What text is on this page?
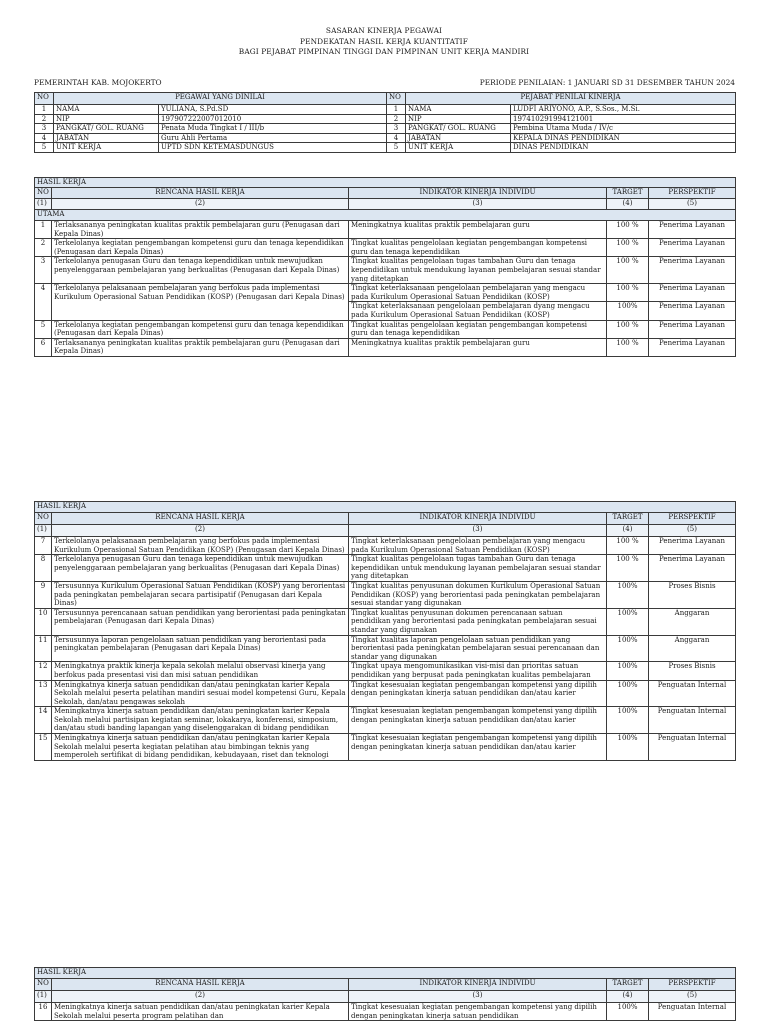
SASARAN KINERJA PEGAWAI
PENDEKATAN HASIL KERJA KUANTITATIF
BAGI PEJABAT PIMPINAN TINGGI DAN PIMPINAN UNIT KERJA MANDIRI
PEMERINTAH KAB. MOJOKERTO	PERIODE PENILAIAN: 1 JANUARI SD 31 DESEMBER TAHUN 2024
NO	PEGAWAI YANG DINILAI		NO	PEJABAT PENILAI KINERJA	
1	NAMA	YULIANA, S.Pd.SD	1	NAMA	LUDFI ARIYONO, A.P., S.Sos., M.Si.
2	NIP	197907222007012010	2	NIP	197410291994121001
3	PANGKAT/ GOL. RUANG	Penata Muda Tingkat I / III/b	3	PANGKAT/ GOL. RUANG	Pembina Utama Muda / IV/c
4	JABATAN	Guru Ahli Pertama	4	JABATAN	KEPALA DINAS PENDIDIKAN
5	UNIT KERJA	UPTD SDN KETEMASDUNGUS	5	UNIT KERJA	DINAS PENDIDIKAN
HASIL KERJA				
NO	RENCANA HASIL KERJA	INDIKATOR KINERJA INDIVIDU	TARGET	PERSPEKTIF
(1)	(2)	(3)	(4)	(5)
UTAMA				
1	Terlaksananya peningkatan kualitas praktik pembelajaran guru (Penugasan dari Kepala Dinas)	Meningkatnya kualitas praktik pembelajaran guru	100 %	Penerima Layanan
2	Terkelolanya kegiatan pengembangan kompetensi guru dan tenaga kependidikan (Penugasan dari Kepala Dinas)	Tingkat kualitas pengelolaan kegiatan pengembangan kompetensi guru dan tenaga kependidikan	100 %	Penerima Layanan
3	Terkelolanya penugasan Guru dan tenaga kependidikan untuk mewujudkan penyelenggaraan pembelajaran yang berkualitas (Penugasan dari Kepala Dinas)	Tingkat kualitas pengelolaan tugas tambahan Guru dan tenaga kependidikan untuk mendukung layanan pembelajaran sesuai standar yang ditetapkan	100 %	Penerima Layanan
4	Terkelolanya pelaksanaan pembelajaran yang berfokus pada implementasi Kurikulum Operasional Satuan Pendidikan (KOSP) (Penugasan dari Kepala Dinas)	Tingkat keterlaksanaan pengelolaan pembelajaran yang mengacu pada Kurikulum Operasional Satuan Pendidikan (KOSP)	100 %	Penerima Layanan
		Tingkat keterlaksanaan pengelolaan pembelajaran dyang mengacu pada Kurikulum Operasional Satuan Pendidikan (KOSP)	100%	Penerima Layanan
5	Terkelolanya kegiatan pengembangan kompetensi guru dan tenaga kependidikan (Penugasan dari Kepala Dinas)	Tingkat kualitas pengelolaan kegiatan pengembangan kompetensi guru dan tenaga kependidikan	100 %	Penerima Layanan
6	Terlaksananya peningkatan kualitas praktik pembelajaran guru (Penugasan dari Kepala Dinas)	Meningkatnya kualitas praktik pembelajaran guru	100 %	Penerima Layanan
HASIL KERJA				
NO	RENCANA HASIL KERJA	INDIKATOR KINERJA INDIVIDU	TARGET	PERSPEKTIF
(1)	(2)	(3)	(4)	(5)
7	Terkelolanya pelaksanaan pembelajaran yang berfokus pada implementasi Kurikulum Operasional Satuan Pendidikan (KOSP) (Penugasan dari Kepala Dinas)	Tingkat keterlaksanaan pengelolaan pembelajaran yang mengacu pada Kurikulum Operasional Satuan Pendidikan (KOSP)	100 %	Penerima Layanan
8	Terkelolanya penugasan Guru dan tenaga kependidikan untuk mewujudkan penyelenggaraan pembelajaran yang berkualitas (Penugasan dari Kepala Dinas)	Tingkat kualitas pengelolaan tugas tambahan Guru dan tenaga kependidikan untuk mendukung layanan pembelajaran sesuai standar yang ditetapkan	100 %	Penerima Layanan
9	Tersusunnya Kurikulum Operasional Satuan Pendidikan (KOSP) yang berorientasi pada peningkatan pembelajaran secara partisipatif (Penugasan dari Kepala Dinas)	Tingkat kualitas penyusunan dokumen Kurikulum Operasional Satuan Pendidikan (KOSP) yang berorientasi pada peningkatan pembelajaran sesuai standar yang digunakan	100%	Proses Bisnis
10	Tersusunnya perencanaan satuan pendidikan yang berorientasi pada peningkatan pembelajaran (Penugasan dari Kepala Dinas)	Tingkat kualitas penyusunan dokumen perencanaan satuan pendidikan yang berorientasi pada peningkatan pembelajaran sesuai standar yang digunakan	100%	Anggaran
11	Tersusunnya laporan pengelolaan satuan pendidikan yang berorientasi pada peningkatan pembelajaran (Penugasan dari Kepala Dinas)	Tingkat kualitas laporan pengelolaan satuan pendidikan yang berorientasi pada peningkatan pembelajaran sesuai perencanaan dan standar yang digunakan	100%	Anggaran
12	Meningkatnya praktik kinerja kepala sekolah melalui observasi kinerja yang berfokus pada presentasi visi dan misi satuan pendidikan	Tingkat upaya mengomunikasikan visi-misi dan prioritas satuan pendidikan yang berpusat pada peningkatan kualitas pembelajaran	100%	Proses Bisnis
13	Meningkatnya kinerja satuan pendidikan dan/atau peningkatan karier Kepala Sekolah melalui peserta pelatihan mandiri sesuai model kompetensi Guru, Kepala Sekolah, dan/atau pengawas sekolah	Tingkat kesesuaian kegiatan pengembangan kompetensi yang dipilih dengan peningkatan kinerja satuan pendidikan dan/atau karier	100%	Penguatan Internal
14	Meningkatnya kinerja satuan pendidikan dan/atau peningkatan karier Kepala Sekolah melalui partisipan kegiatan seminar, lokakarya, konferensi, simposium, dan/atau studi banding lapangan yang diselenggarakan di bidang pendidikan	Tingkat kesesuaian kegiatan pengembangan kompetensi yang dipilih dengan peningkatan kinerja satuan pendidikan dan/atau karier	100%	Penguatan Internal
15	Meningkatnya kinerja satuan pendidikan dan/atau peningkatan karier Kepala Sekolah melalui peserta kegiatan pelatihan atau bimbingan teknis yang memperoleh sertifikat di bidang pendidikan, kebudayaan, riset dan teknologi	Tingkat kesesuaian kegiatan pengembangan kompetensi yang dipilih dengan peningkatan kinerja satuan pendidikan dan/atau karier	100%	Penguatan Internal
HASIL KERJA				
NO	RENCANA HASIL KERJA	INDIKATOR KINERJA INDIVIDU	TARGET	PERSPEKTIF
(1)	(2)	(3)	(4)	(5)
16	Meningkatnya kinerja satuan pendidikan dan/atau peningkatan karier Kepala Sekolah melalui peserta program pelatihan dan	Tingkat kesesuaian kegiatan pengembangan kompetensi yang dipilih dengan peningkatan kinerja satuan pendidikan	100%	Penguatan Internal
